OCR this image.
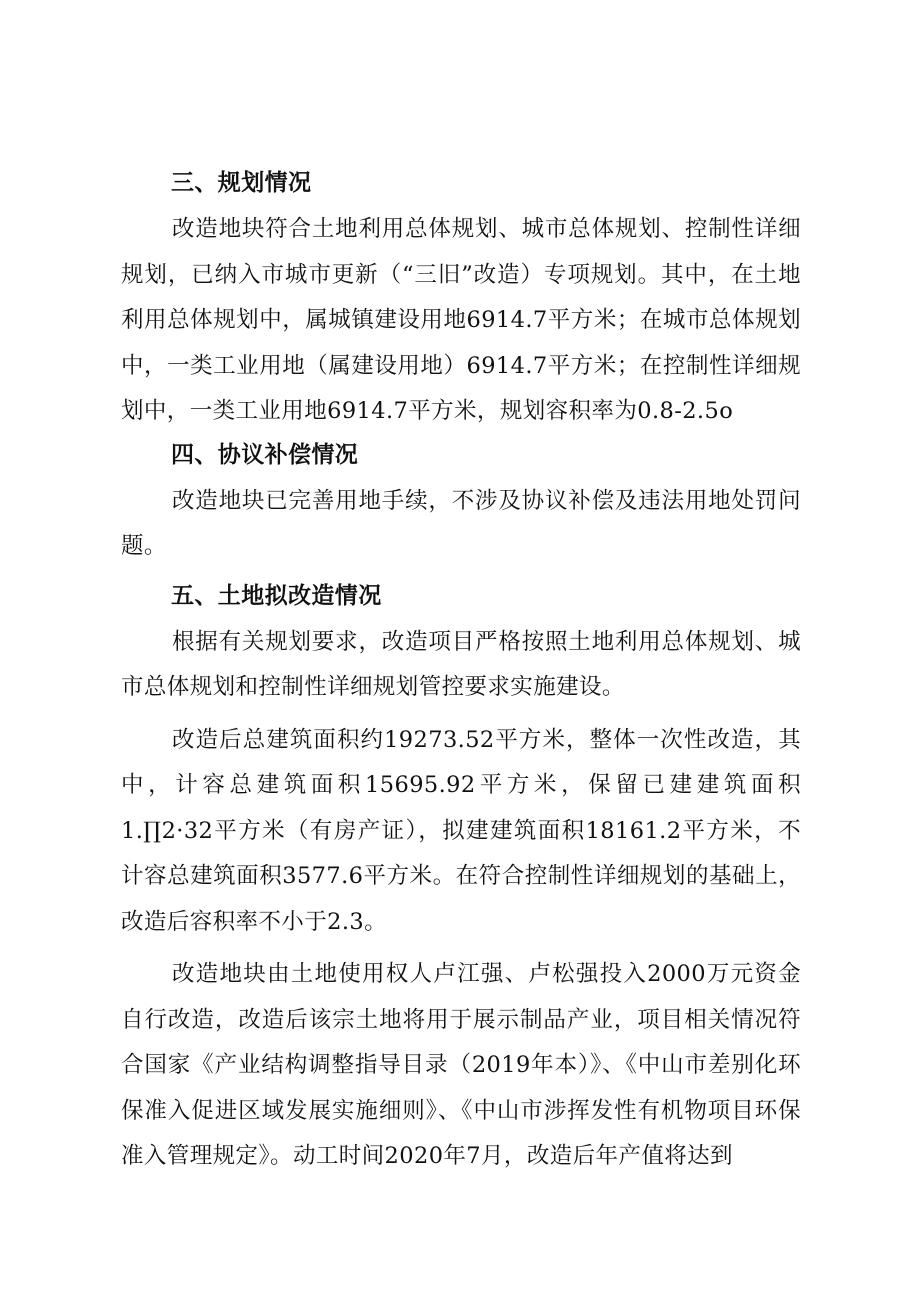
三、规划情况

改造地块符合土地利用总体规划、城市总体规划、控制性详细规划，已纳入市城市更新（“三旧”改造）专项规划。其中，在土地利用总体规划中，属城镇建设用地6914.7平方米；在城市总体规划中，一类工业用地（属建设用地）6914.7平方米；在控制性详细规划中，一类工业用地6914.7平方米，规划容积率为0.8-2.5o

四、协议补偿情况

改造地块已完善用地手续，不涉及协议补偿及违法用地处罚问题。

五、土地拟改造情况

根据有关规划要求，改造项目严格按照土地利用总体规划、城市总体规划和控制性详细规划管控要求实施建设。

改造后总建筑面积约19273.52平方米，整体一次性改造，其中，计容总建筑面积15695.92平方米，保留已建建筑面积1.∏2·32平方米（有房产证），拟建建筑面积18161.2平方米，不计容总建筑面积3577.6平方米。在符合控制性详细规划的基础上，改造后容积率不小于2.3。

改造地块由土地使用权人卢江强、卢松强投入2000万元资金自行改造，改造后该宗土地将用于展示制品产业，项目相关情况符合国家《产业结构调整指导目录（2019年本）》、《中山市差别化环保准入促进区域发展实施细则》、《中山市涉挥发性有机物项目环保准入管理规定》。动工时间2020年7月，改造后年产值将达到
